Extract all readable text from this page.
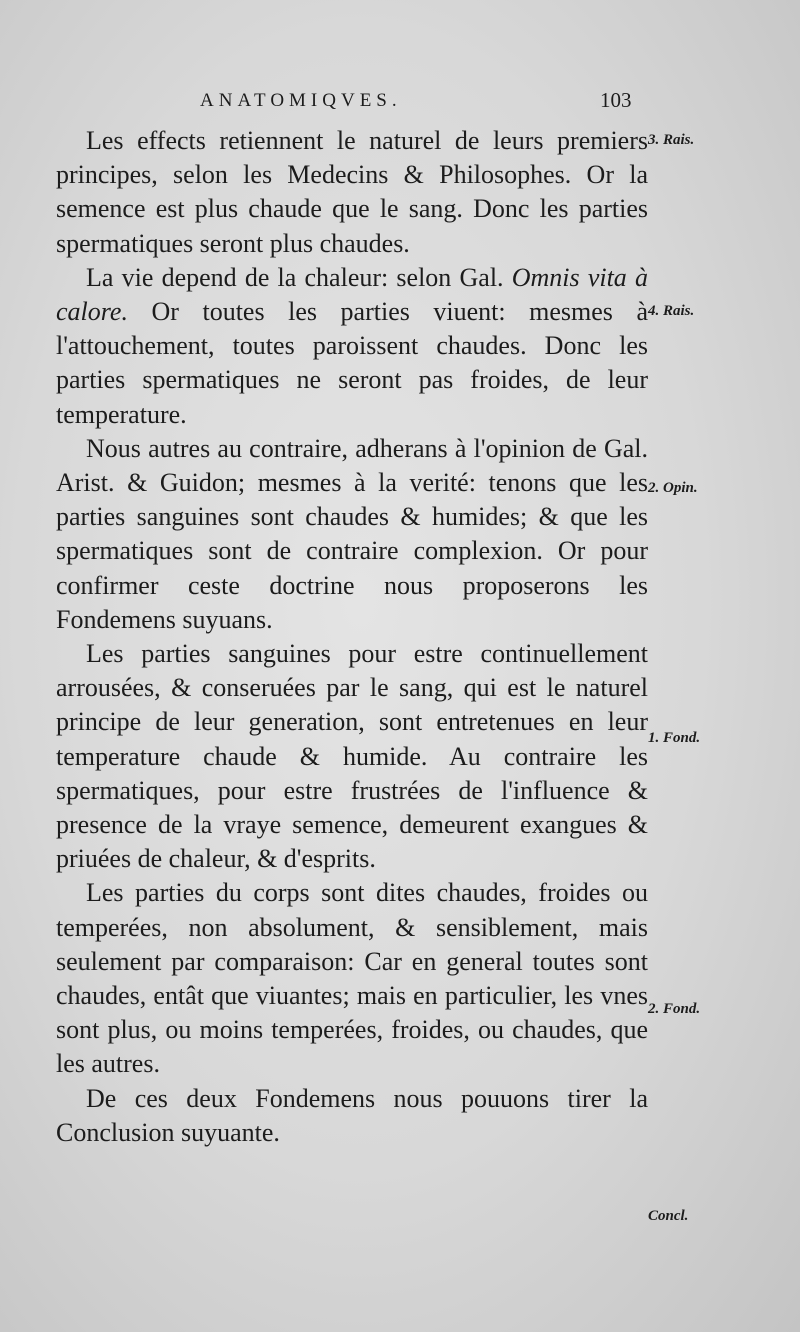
ANATOMIQVES.	103

Les effects retiennent le naturel de leurs premiers principes, selon les Medecins & Philosophes. Or la semence est plus chaude que le sang. Donc les parties spermatiques seront plus chaudes.

La vie depend de la chaleur: selon Gal. Omnis vita à calore. Or toutes les parties viuent: mesmes à l'attouchement, toutes paroissent chaudes. Donc les parties spermatiques ne seront pas froides, de leur temperature.

Nous autres au contraire, adherans à l'opinion de Gal. Arist. & Guidon; mesmes à la verité: tenons que les parties sanguines sont chaudes & humides; & que les spermatiques sont de contraire complexion. Or pour confirmer ceste doctrine nous proposerons les Fondemens suyuans.

Les parties sanguines pour estre continuellement arrousées, & conseruées par le sang, qui est le naturel principe de leur generation, sont entretenues en leur temperature chaude & humide. Au contraire les spermatiques, pour estre frustrées de l'influence & presence de la vraye semence, demeurent exangues & priuées de chaleur, & d'esprits.

Les parties du corps sont dites chaudes, froides ou temperées, non absolument, & sensiblement, mais seulement par comparaison: Car en general toutes sont chaudes, entât que viuantes; mais en particulier, les vnes sont plus, ou moins temperées, froides, ou chaudes, que les autres.

De ces deux Fondemens nous pouuons tirer la Conclusion suyuante.

3. Rais.
4. Rais.
2. Opin.
1. Fond.
2. Fond.
Concl.
